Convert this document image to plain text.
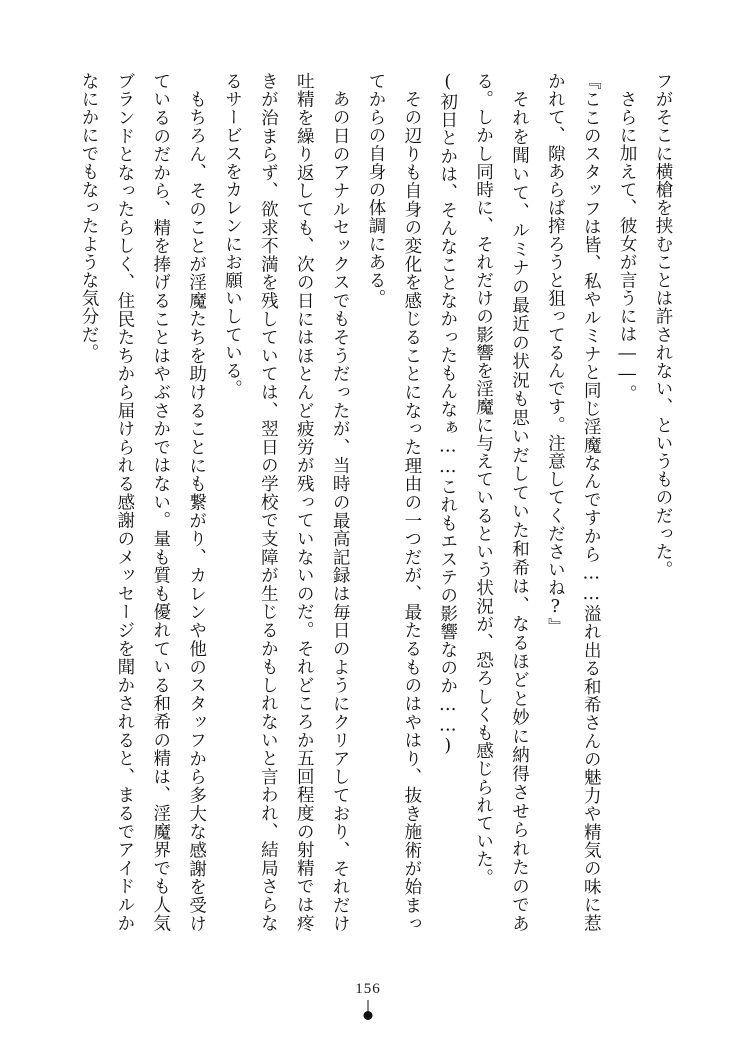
フがそこに横槍を挟むことは許されない、というものだった。

さらに加えて、彼女が言うには――。

『ここのスタッフは皆、私やルミナと同じ淫魔なんですから……溢れ出る和希さんの魅力や精気の味に惹かれて、隙あらば搾ろうと狙ってるんです。注意してくださいね?』

それを聞いて、ルミナの最近の状況も思いだしていた和希は、なるほどと妙に納得させられたのである。しかし同時に、それだけの影響を淫魔に与えているという状況が、恐ろしくも感じられていた。

(初日とかは、そんなことなかったもんなぁ……これもエステの影響なのか……)

その辺りも自身の変化を感じることになった理由の一つだが、最たるものはやはり、抜き施術が始まってからの自身の体調にある。

あの日のアナルセックスでもそうだったが、当時の最高記録は毎日のようにクリアしており、それだけ吐精を繰り返しても、次の日にはほとんど疲労が残っていないのだ。それどころか五回程度の射精では疼きが治まらず、欲求不満を残していては、翌日の学校で支障が生じるかもしれないと言われ、結局さらなるサービスをカレンにお願いしている。

もちろん、そのことが淫魔たちを助けることにも繋がり、カレンや他のスタッフから多大な感謝を受けているのだから、精を捧げることはやぶさかではない。量も質も優れている和希の精は、淫魔界でも人気ブランドとなったらしく、住民たちから届けられる感謝のメッセージを聞かされると、まるでアイドルかなにかにでもなったような気分だ。

156
